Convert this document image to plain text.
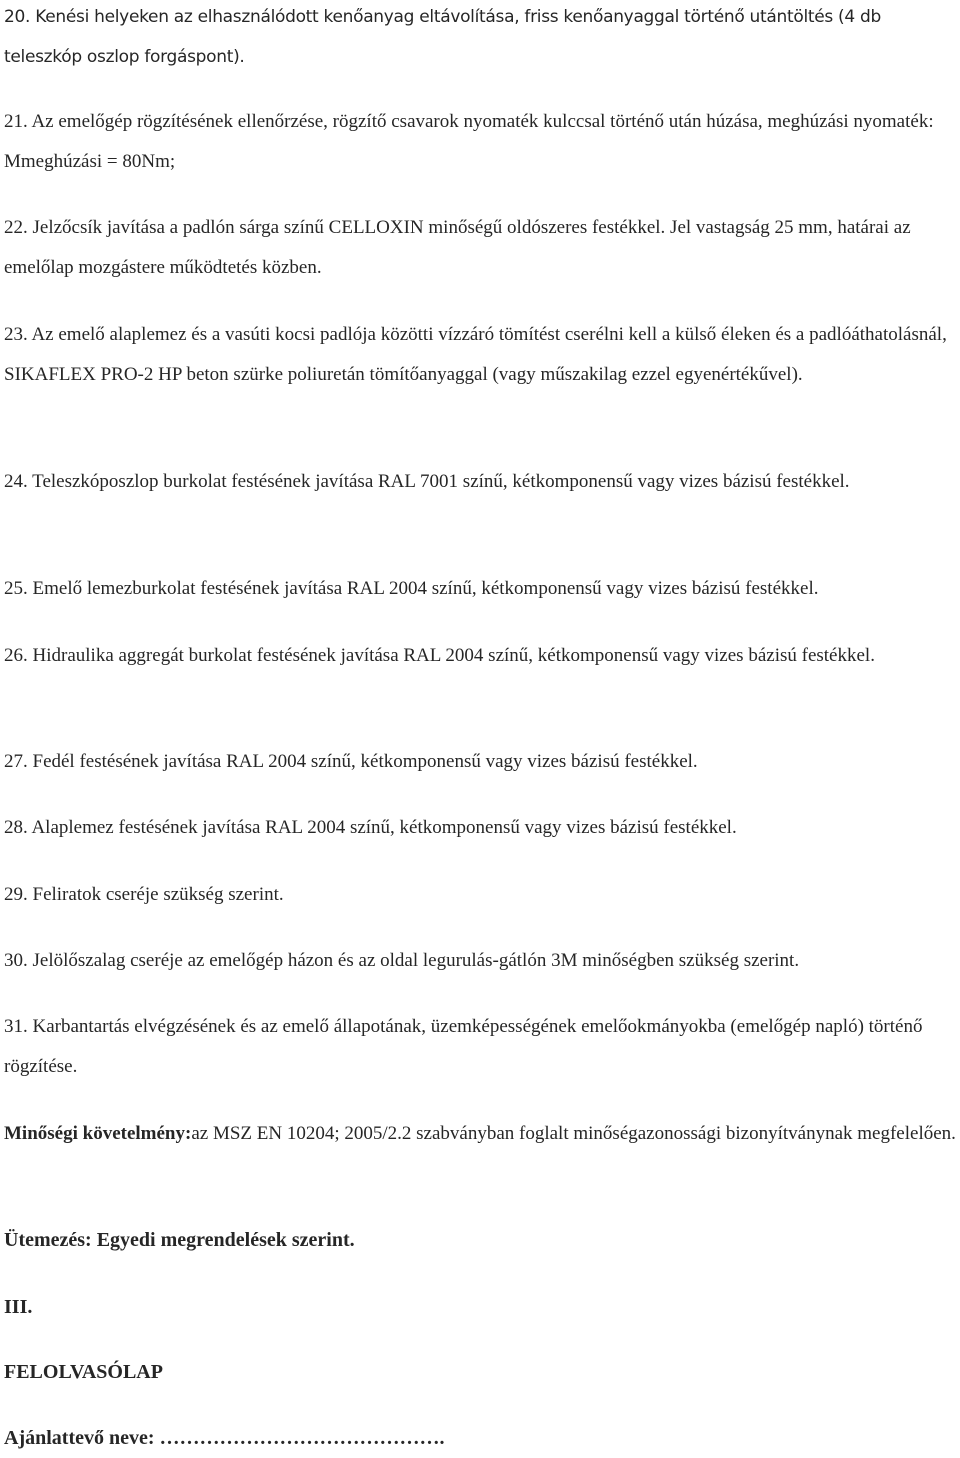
20. Kenési helyeken az elhasználódott kenőanyag eltávolítása, friss kenőanyaggal történő utántöltés (4 db teleszkóp oszlop forgáspont).

21. Az emelőgép rögzítésének ellenőrzése, rögzítő csavarok nyomaték kulccsal történő után húzása, meghúzási nyomaték: Mmeghúzási = 80Nm;

22. Jelzőcsík javítása a padlón sárga színű CELLOXIN minőségű oldószeres festékkel. Jel vastagság 25 mm, határai az emelőlap mozgástere működtetés közben.

23. Az emelő alaplemez és a vasúti kocsi padlója közötti vízzáró tömítést cserélni kell a külső éleken és a padlóáthatolásnál, SIKAFLEX PRO-2 HP beton szürke poliuretán tömítőanyaggal (vagy műszakilag ezzel egyenértékűvel).

24. Teleszkóposzlop burkolat festésének javítása RAL 7001 színű, kétkomponensű vagy vizes bázisú festékkel.

25. Emelő lemezburkolat festésének javítása RAL 2004 színű, kétkomponensű vagy vizes bázisú festékkel.

26. Hidraulika aggregát burkolat festésének javítása RAL 2004 színű, kétkomponensű vagy vizes bázisú festékkel.

27. Fedél festésének javítása RAL 2004 színű, kétkomponensű vagy vizes bázisú festékkel.

28. Alaplemez festésének javítása RAL 2004 színű, kétkomponensű vagy vizes bázisú festékkel.

29. Feliratok cseréje szükség szerint.

30. Jelölőszalag cseréje az emelőgép házon és az oldal legurulás-gátlón 3M minőségben szükség szerint.

31. Karbantartás elvégzésének és az emelő állapotának, üzemképességének emelőokmányokba (emelőgép napló) történő rögzítése.

Minőségi követelmény:az MSZ EN 10204; 2005/2.2 szabványban foglalt minőségazonossági bizonyítványnak megfelelően.

Ütemezés: Egyedi megrendelések szerint.

III.

FELOLVASÓLAP

Ajánlattevő neve: …………………………………….
